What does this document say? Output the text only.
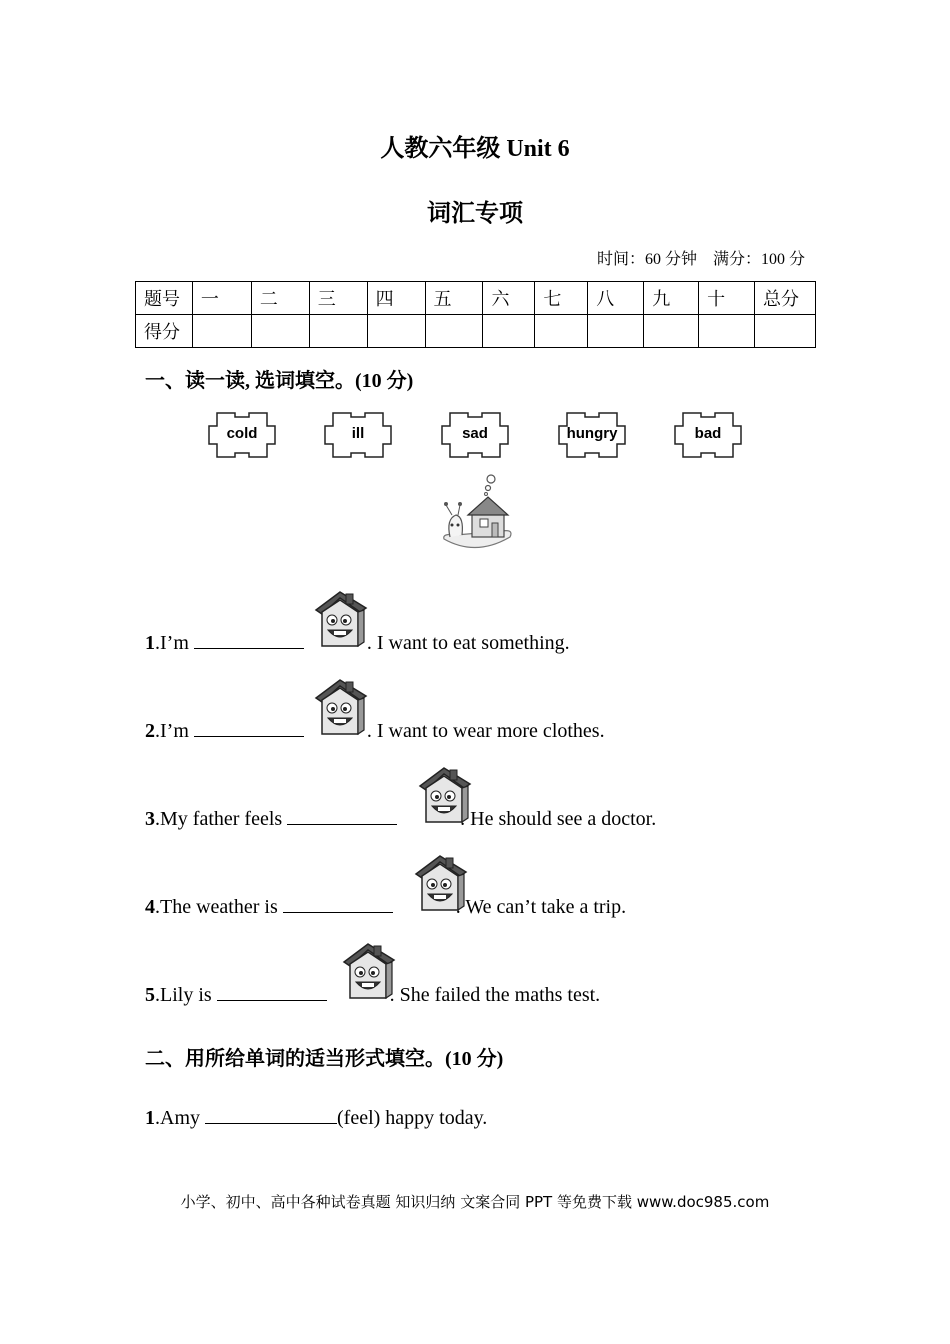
人教六年级 Unit 6
词汇专项
时间：60 分钟 满分：100 分
题号	一	二	三	四	五	六	七	八	九	十	总分
得分											
一、读一读, 选词填空。(10 分)
cold	ill	sad	hungry	bad
1.I’m	. I want to eat something.
2.I’m	. I want to wear more clothes.
3.My father feels	. He should see a doctor.
4.The weather is	. We can’t take a trip.
5.Lily is	. She failed the maths test.
二、用所给单词的适当形式填空。(10 分)
1.Amy	(feel) happy today.
小学、初中、高中各种试卷真题 知识归纳 文案合同 PPT 等免费下载 www.doc985.com
